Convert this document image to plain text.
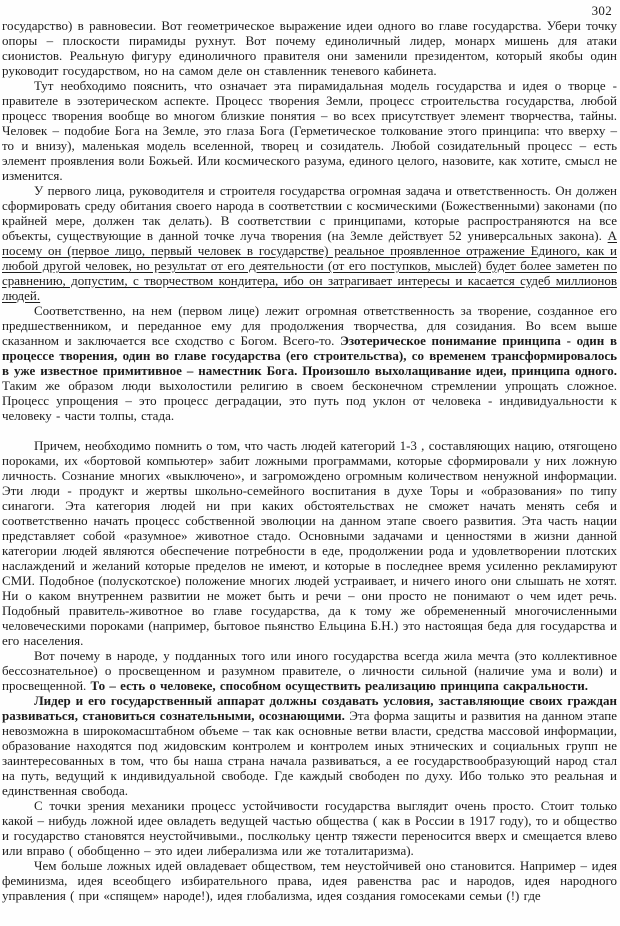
302

государство) в равновесии. Вот геометрическое выражение идеи одного во главе государства. Убери точку опоры – плоскости пирамиды рухнут. Вот почему единоличный лидер, монарх мишень для атаки сионистов. Реальную фигуру единоличного правителя они заменили президентом, который якобы один руководит государством, но на самом деле он ставленник теневого кабинета.

Тут необходимо пояснить, что означает эта пирамидальная модель государства и идея о творце - правителе в эзотерическом аспекте. Процесс творения Земли, процесс строительства государства, любой процесс творения вообще во многом близкие понятия – во всех присутствует элемент творчества, тайны. Человек – подобие Бога на Земле, это глаза Бога (Герметическое толкование этого принципа: что вверху – то и внизу), маленькая модель вселенной, творец и созидатель. Любой созидательный процесс – есть элемент проявления воли Божьей. Или космического разума, единого целого, назовите, как хотите, смысл не изменится.

У первого лица, руководителя и строителя государства огромная задача и ответственность. Он должен сформировать среду обитания своего народа в соответствии с космическими (Божественными) законами (по крайней мере, должен так делать). В соответствии с принципами, которые распространяются на все объекты, существующие в данной точке луча творения (на Земле действует 52 универсальных закона). А посему он (первое лицо, первый человек в государстве) реальное проявленное отражение Единого, как и любой другой человек, но результат от его деятельности (от его поступков, мыслей) будет более заметен по сравнению, допустим, с творчеством кондитера, ибо он затрагивает интересы и касается судеб миллионов людей.

Соответственно, на нем (первом лице) лежит огромная ответственность за творение, созданное его предшественником, и переданное ему для продолжения творчества, для созидания. Во всем выше сказанном и заключается все сходство с Богом. Всего-то. Эзотерическое понимание принципа - один в процессе творения, один во главе государства (его строительства), со временем трансформировалось в уже известное примитивное – наместник Бога. Произошло выхолащивание идеи, принципа одного. Таким же образом люди выхолостили религию в своем бесконечном стремлении упрощать сложное. Процесс упрощения – это процесс деградации, это путь под уклон от человека - индивидуальности к человеку - части толпы, стада.

Причем, необходимо помнить о том, что часть людей категорий 1-3 , составляющих нацию, отягощено пороками, их «бортовой компьютер» забит ложными программами, которые сформировали у них ложную личность. Сознание многих «выключено», и загромождено огромным количеством ненужной информации. Эти люди - продукт и жертвы школьно-семейного воспитания в духе Торы и «образования» по типу синагоги. Эта категория людей ни при каких обстоятельствах не сможет начать менять себя и соответственно начать процесс собственной эволюции на данном этапе своего развития. Эта часть нации представляет собой «разумное» животное стадо. Основными задачами и ценностями в жизни данной категории людей являются обеспечение потребности в еде, продолжении рода и удовлетворении плотских наслаждений и желаний которые пределов не имеют, и которые в последнее время усиленно рекламируют СМИ. Подобное (полускотское) положение многих людей устраивает, и ничего иного они слышать не хотят. Ни о каком внутреннем развитии не может быть и речи – они просто не понимают о чем идет речь. Подобный правитель-животное во главе государства, да к тому же обремененный многочисленными человеческими пороками (например, бытовое пьянство Ельцина Б.Н.) это настоящая беда для государства и его населения.

Вот почему в народе, у подданных того или иного государства всегда жила мечта (это коллективное бессознательное) о просвещенном и разумном правителе, о личности сильной (наличие ума и воли) и просвещенной. То – есть о человеке, способном осуществить реализацию принципа сакральности.

Лидер и его государственный аппарат должны создавать условия, заставляющие своих граждан развиваться, становиться сознательными, осознающими. Эта форма защиты и развития на данном этапе невозможна в широкомасштабном объеме – так как основные ветви власти, средства массовой информации, образование находятся под жидовским контролем и контролем иных этнических и социальных групп не заинтересованных в том, что бы наша страна начала развиваться, а ее государствообразующий народ стал на путь, ведущий к индивидуальной свободе. Где каждый свободен по духу. Ибо только это реальная и единственная свобода.

С точки зрения механики процесс устойчивости государства выглядит очень просто. Стоит только какой – нибудь ложной идее овладеть ведущей частью общества ( как в России в 1917 году), то и общество и государство становятся неустойчивыми., послкольку центр тяжести переносится вверх и смещается влево или вправо ( обобщенно – это идеи либерализма или же тоталитаризма).

Чем больше ложных идей овладевает обществом, тем неустойчивей оно становится. Например – идея феминизма, идея всеобщего избирательного права, идея равенства рас и народов, идея народного управления ( при «спящем» народе!), идея глобализма, идея создания гомосеками семьи (!) где
